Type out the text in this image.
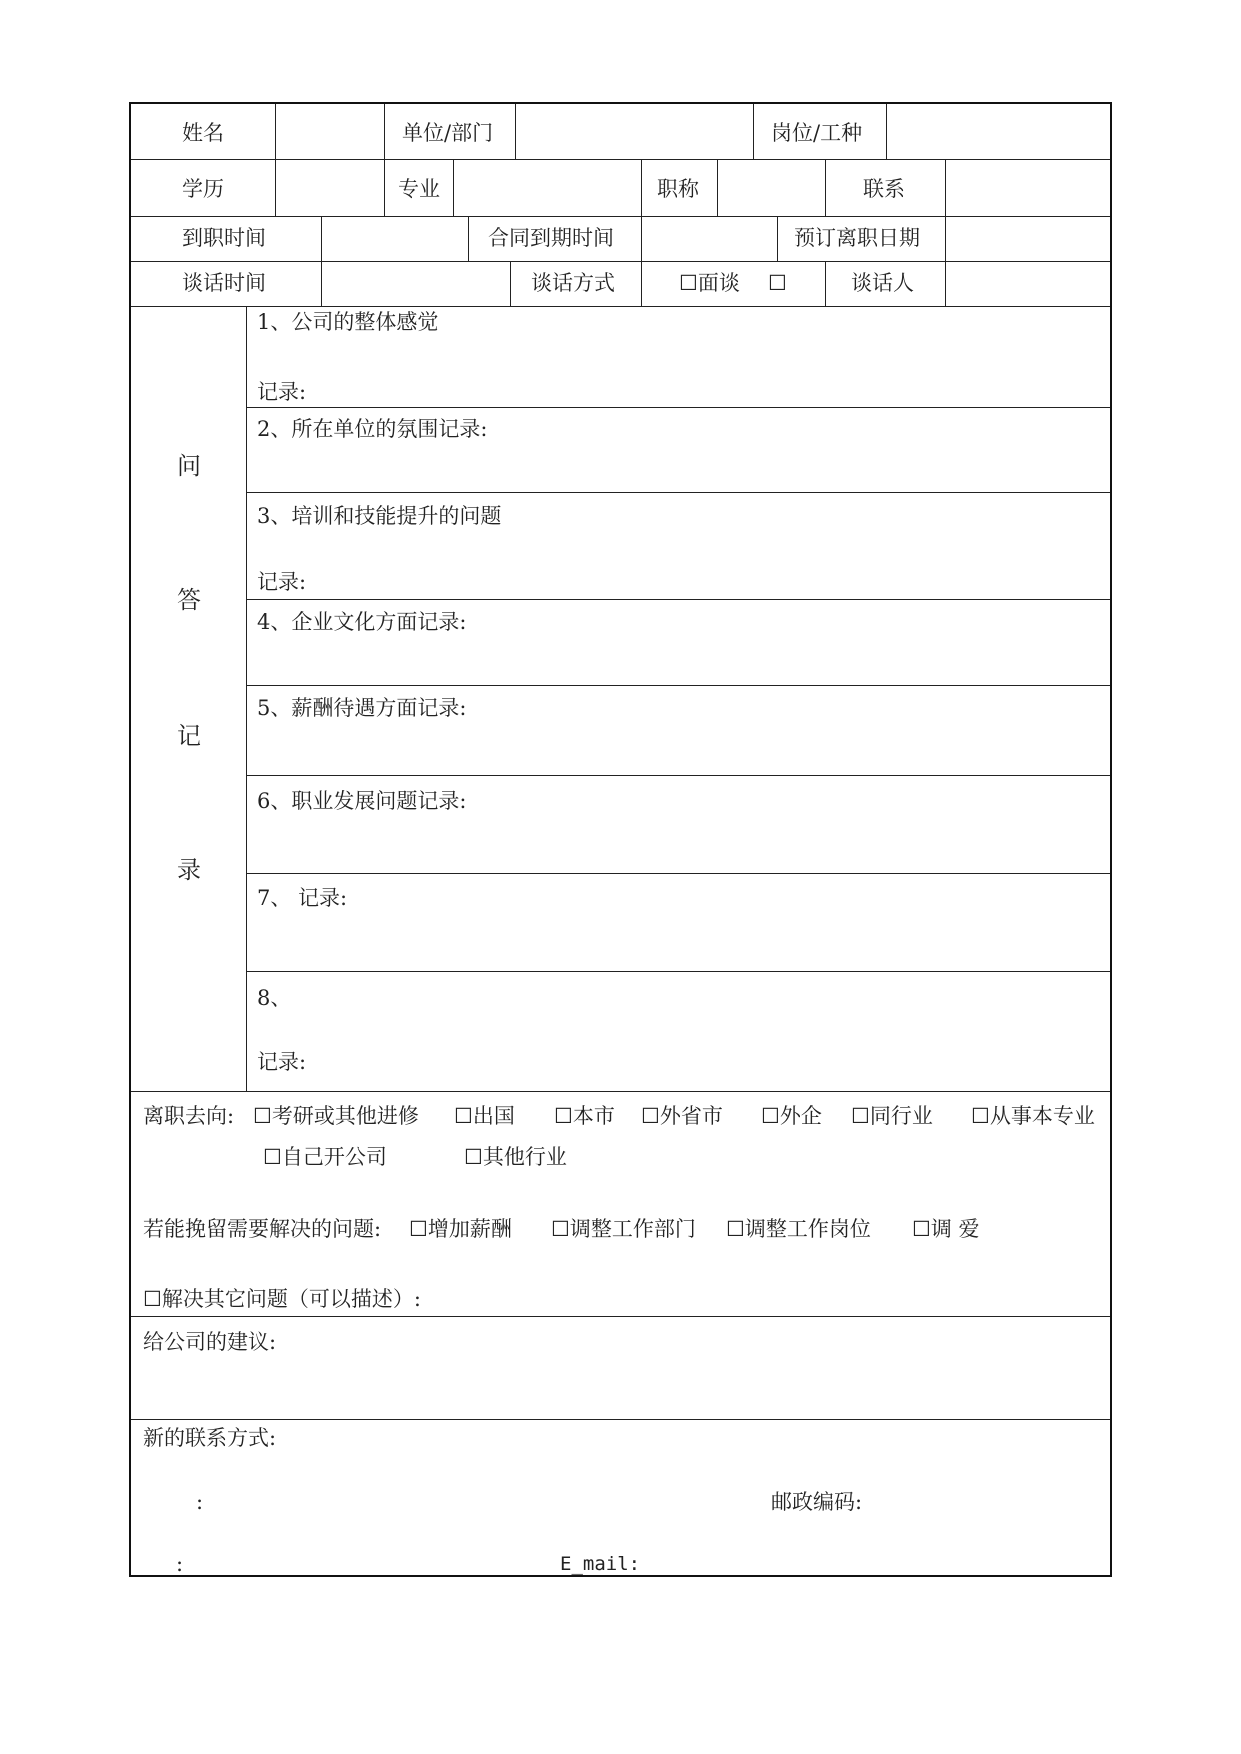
姓名	单位/部门	岗位/工种
学历	专业	职称	联系
到职时间	合同到期时间	预订离职日期
谈话时间	谈话方式	☐面谈 ☐	谈话人
问
答
记
录
1、公司的整体感觉
记录:
2、所在单位的氛围记录:
3、培训和技能提升的问题
记录:
4、企业文化方面记录:
5、薪酬待遇方面记录:
6、职业发展问题记录:
7、 记录:
8、
记录:
离职去向: ☐考研或其他进修 ☐出国 ☐本市 ☐外省市 ☐外企 ☐同行业 ☐从事本专业
☐自己开公司	☐其他行业
若能挽留需要解决的问题: ☐增加薪酬 ☐调整工作部门 ☐调整工作岗位 ☐调 爱
☐解决其它问题（可以描述）:
给公司的建议:
新的联系方式:
:	邮政编码:
:	E_mail:
